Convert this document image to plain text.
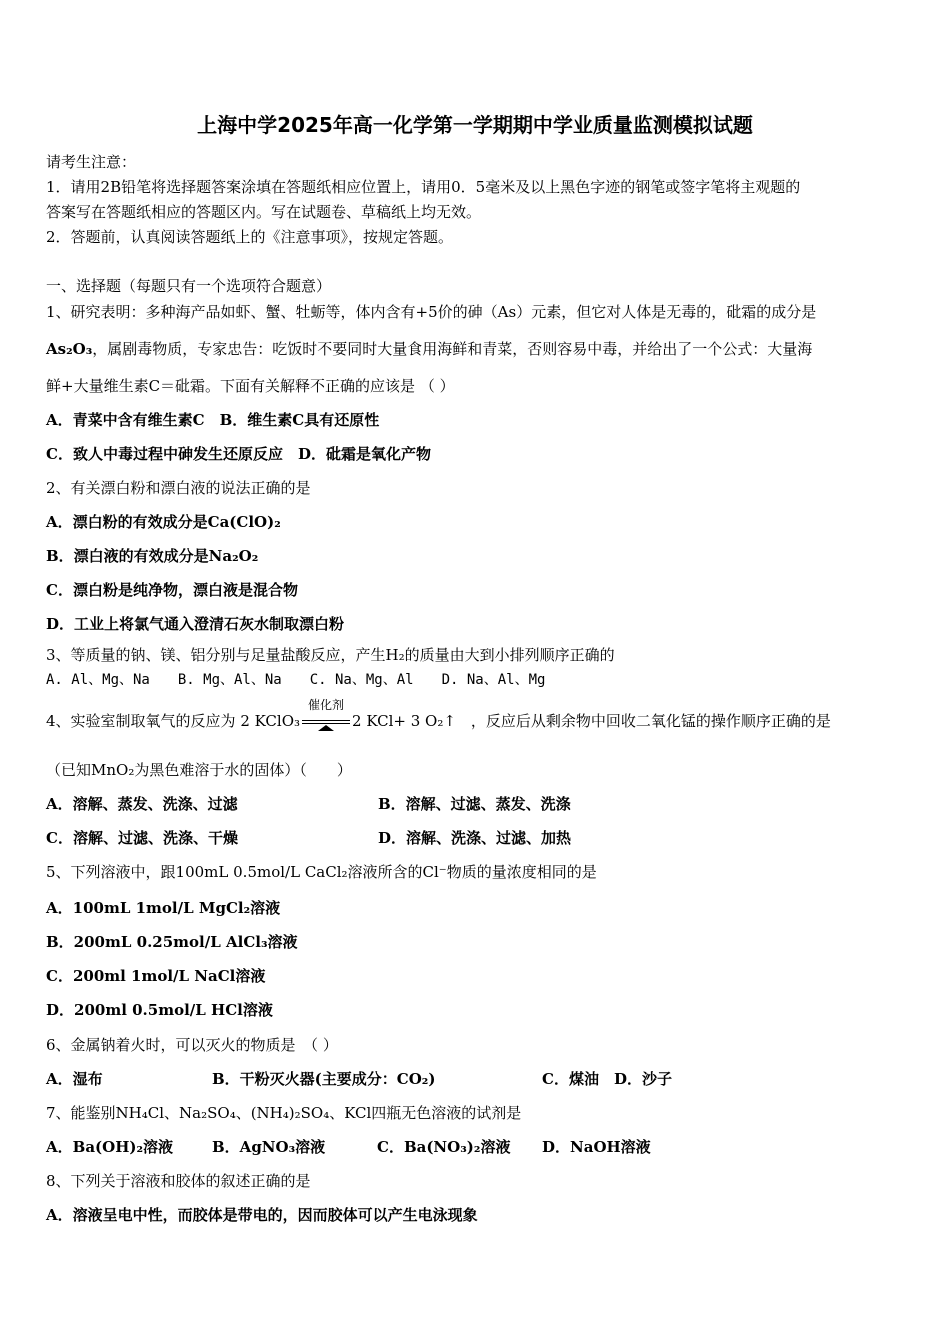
上海中学2025年高一化学第一学期期中学业质量监测模拟试题
请考生注意：
1．请用2B铅笔将选择题答案涂填在答题纸相应位置上，请用0．5毫米及以上黑色字迹的钢笔或签字笔将主观题的
答案写在答题纸相应的答题区内。写在试题卷、草稿纸上均无效。
2．答题前，认真阅读答题纸上的《注意事项》，按规定答题。
一、选择题（每题只有一个选项符合题意）
1、研究表明：多种海产品如虾、蟹、牡蛎等，体内含有+5价的砷（As）元素，但它对人体是无毒的，砒霜的成分是
As₂O₃，属剧毒物质，专家忠告：吃饭时不要同时大量食用海鲜和青菜，否则容易中毒，并给出了一个公式：大量海
鲜+大量维生素C＝砒霜。下面有关解释不正确的应该是 （ ）
A．青菜中含有维生素C　B．维生素C具有还原性
C．致人中毒过程中砷发生还原反应　D．砒霜是氧化产物
2、有关漂白粉和漂白液的说法正确的是
A．漂白粉的有效成分是Ca(ClO)₂
B．漂白液的有效成分是Na₂O₂
C．漂白粉是纯净物，漂白液是混合物
D．工业上将氯气通入澄清石灰水制取漂白粉
3、等质量的钠、镁、铝分别与足量盐酸反应，产生H₂的质量由大到小排列顺序正确的
A. Al、Mg、Na　　B. Mg、Al、Na　　C. Na、Mg、Al　　D. Na、Al、Mg
4、实验室制取氧气的反应为 2 KClO₃
催化剂
2 KCl+ 3 O₂↑　，反应后从剩余物中回收二氧化锰的操作顺序正确的是
（已知MnO₂为黑色难溶于水的固体）（　　）
A．溶解、蒸发、洗涤、过滤	B．溶解、过滤、蒸发、洗涤
C．溶解、过滤、洗涤、干燥	D．溶解、洗涤、过滤、加热
5、下列溶液中，跟100mL 0.5mol/L CaCl₂溶液所含的Cl⁻物质的量浓度相同的是
A．100mL 1mol/L MgCl₂溶液
B．200mL 0.25mol/L AlCl₃溶液
C．200ml 1mol/L NaCl溶液
D．200ml 0.5mol/L HCl溶液
6、金属钠着火时，可以灭火的物质是　（ ）
A．湿布	B．干粉灭火器(主要成分：CO₂)	C．煤油　D．沙子
7、能鉴别NH₄Cl、Na₂SO₄、(NH₄)₂SO₄、KCl四瓶无色溶液的试剂是
A．Ba(OH)₂溶液	B．AgNO₃溶液	C．Ba(NO₃)₂溶液 D．NaOH溶液
8、下列关于溶液和胶体的叙述正确的是
A．溶液呈电中性，而胶体是带电的，因而胶体可以产生电泳现象
